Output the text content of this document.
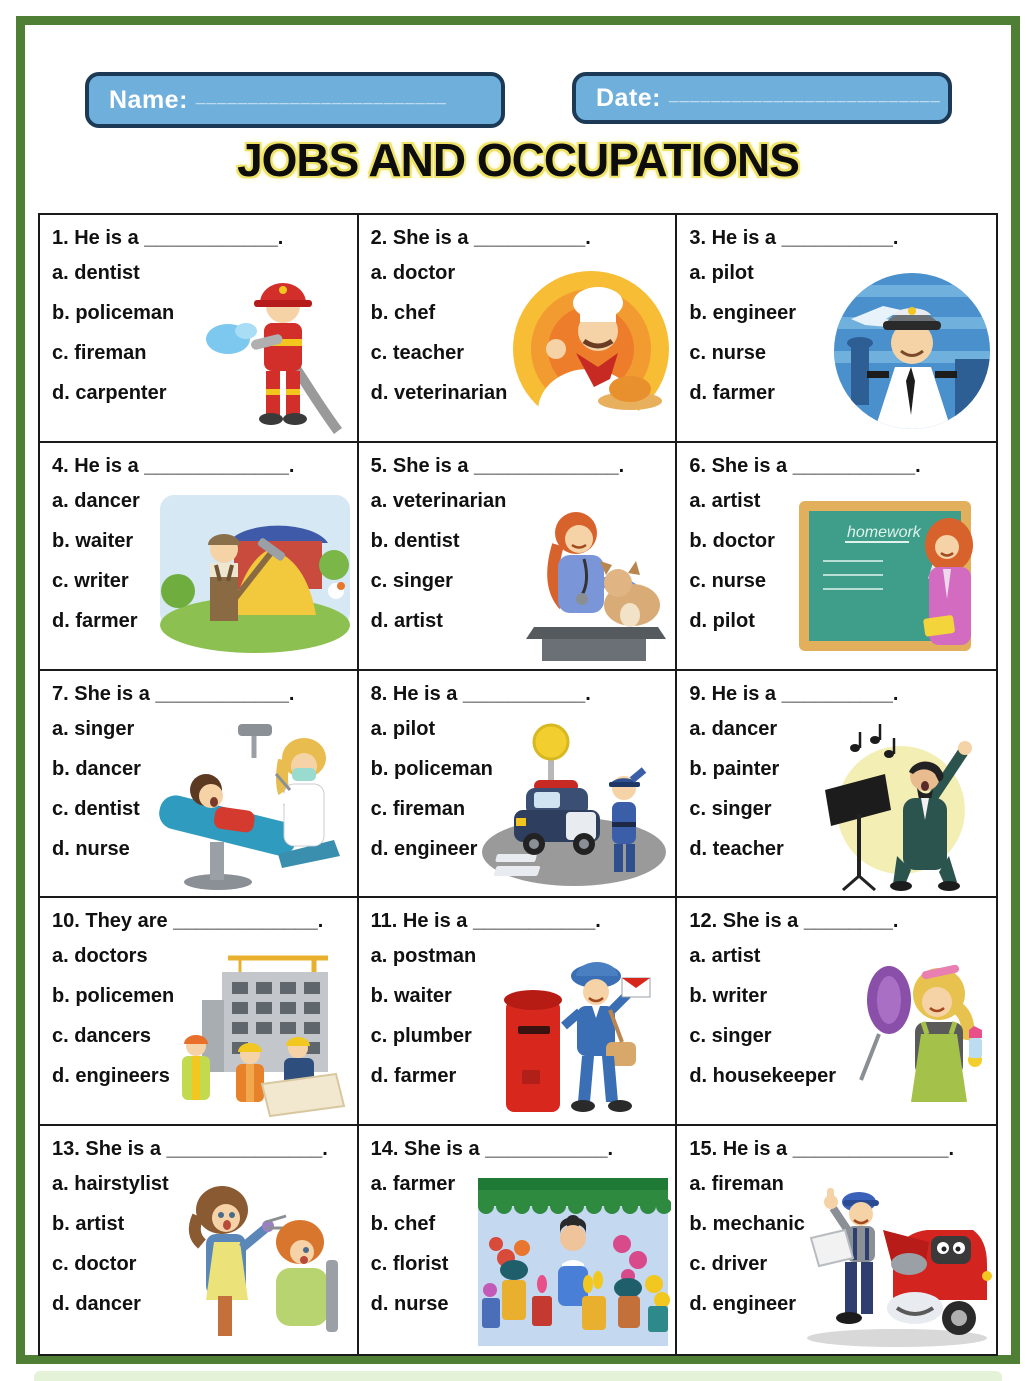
Name: ________________________	Date: __________________________
JOBS AND OCCUPATIONS
1. He is a ____________.
a. dentist
b. policeman
c. fireman
d. carpenter
2. She is a __________.
a. doctor
b. chef
c. teacher
d. veterinarian
3. He is a __________.
a. pilot
b. engineer
c. nurse
d. farmer
4. He is a _____________.
a. dancer
b. waiter
c. writer
d. farmer
5. She is a _____________.
a. veterinarian
b. dentist
c. singer
d. artist
6. She is a ___________.
a. artist
b. doctor
c. nurse
d. pilot
homework
7. She is a ____________.
a. singer
b. dancer
c. dentist
d. nurse
8. He is a ___________.
a. pilot
b. policeman
c. fireman
d. engineer
9. He is a __________.
a. dancer
b. painter
c. singer
d. teacher
10. They are _____________.
a. doctors
b. policemen
c. dancers
d. engineers
11. He is a ___________.
a. postman
b. waiter
c. plumber
d. farmer
12. She is a ________.
a. artist
b. writer
c. singer
d. housekeeper
13. She is a ______________.
a. hairstylist
b. artist
c. doctor
d. dancer
14. She is a ___________.
a. farmer
b. chef
c. florist
d. nurse
15. He is a ______________.
a. fireman
b. mechanic
c. driver
d. engineer
